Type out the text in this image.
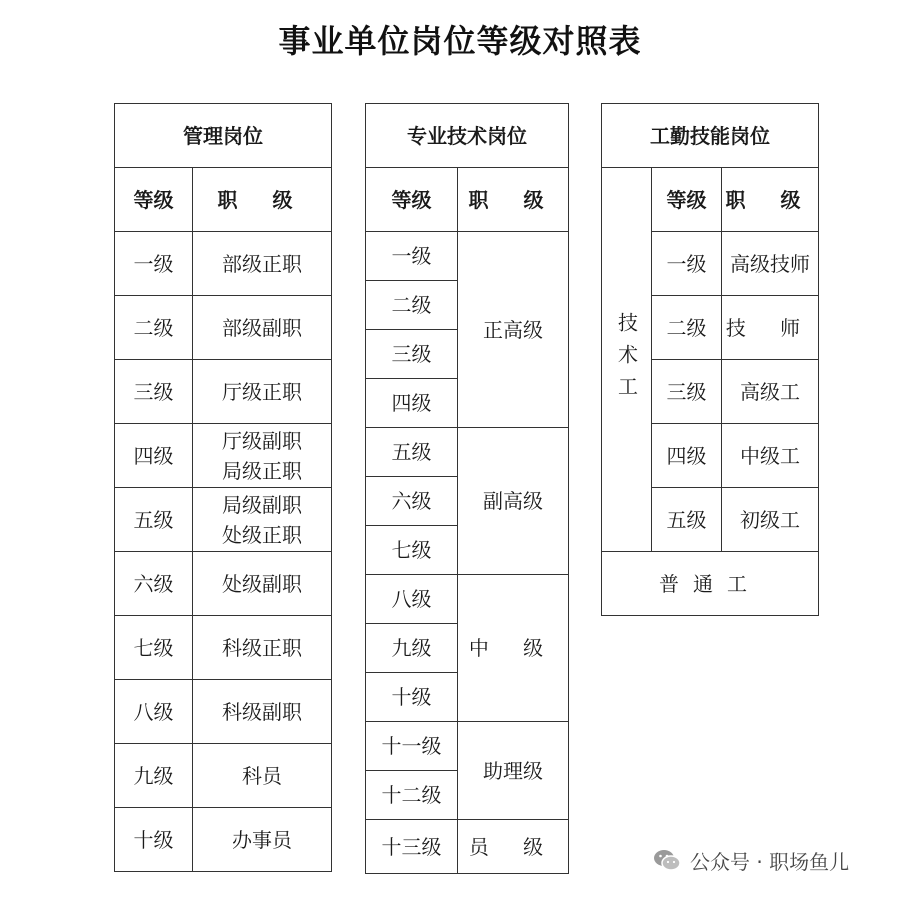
事业单位岗位等级对照表
管理岗位	
等级	职 级
一级	部级正职
二级	部级副职
三级	厅级正职
四级	厅级副职
局级正职

五级	局级副职
处级正职

六级	处级副职
七级	科级正职
八级	科级副职
九级	科员
十级	办事员
专业技术岗位	
等级	职 级
一级	正高级
二级	
三级	
四级	
五级	副高级
六级	
七级	
八级	中 级
九级	
十级	
十一级	助理级
十二级	
十三级	员 级
工勤技能岗位		
技术工	等级	职 级
	一级	高级技师
	二级	技 师
	三级	高级工
	四级	中级工
	五级	初级工
普通工		
公众号 · 职场鱼儿
